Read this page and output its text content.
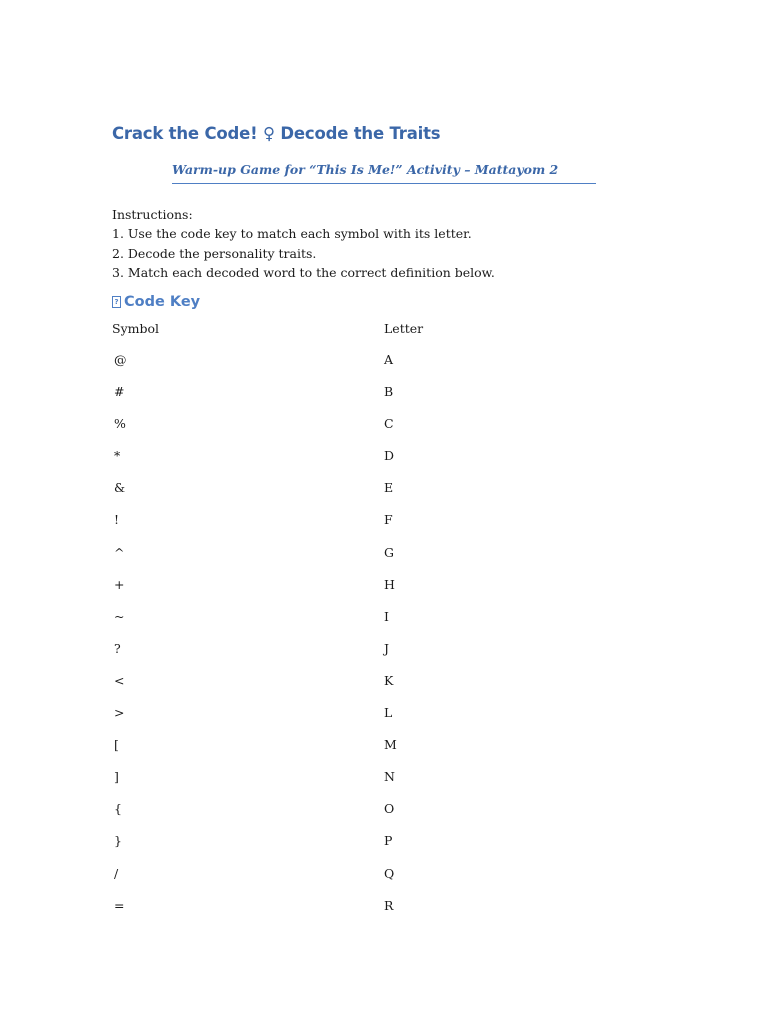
Crack the Code! ♀ Decode the Traits
Warm-up Game for “This Is Me!” Activity – Mattayom 2
Instructions:
1. Use the code key to match each symbol with its letter.
2. Decode the personality traits.
3. Match each decoded word to the correct definition below.
? Code Key
Symbol	Letter
@	A
#	B
%	C
*	D
&	E
!	F
^	G
+	H
~	I
?	J
<	K
>	L
[	M
]	N
{	O
}	P
/	Q
=	R
